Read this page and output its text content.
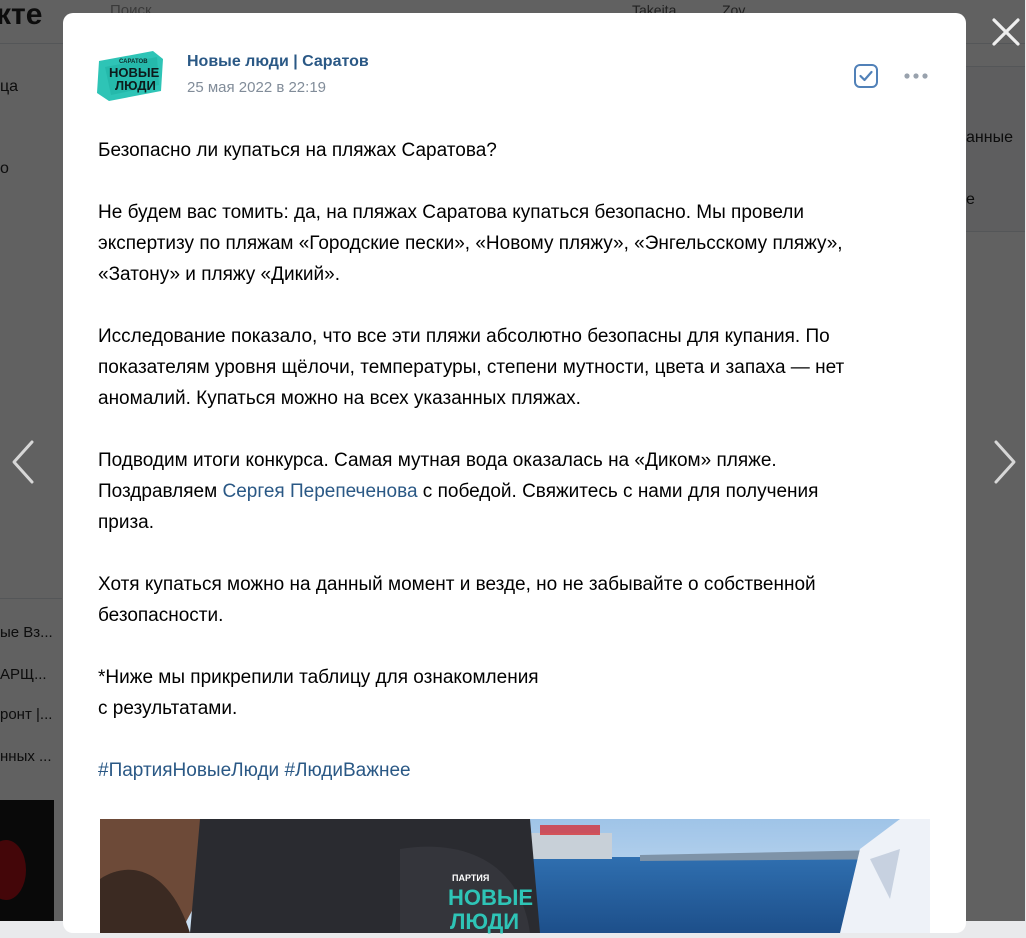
САРАТОВ
НОВЫЕ
ЛЮДИ
Новые люди | Саратов
25 мая 2022 в 22:19

Безопасно ли купаться на пляжах Саратова?

Не будем вас томить: да, на пляжах Саратова купаться безопасно. Мы провели

экспертизу по пляжам «Городские пески», «Новому пляжу», «Энгельсскому пляжу»,

«Затону» и пляжу «Дикий».

Исследование показало, что все эти пляжи абсолютно безопасны для купания. По

показателям уровня щёлочи, температуры, степени мутности, цвета и запаха — нет

аномалий. Купаться можно на всех указанных пляжах.

Подводим итоги конкурса. Самая мутная вода оказалась на «Диком» пляже.

Поздравляем Сергея Перепеченова с победой. Свяжитесь с нами для получения

приза.

Хотя купаться можно на данный момент и везде, но не забывайте о собственной

безопасности.

*Ниже мы прикрепили таблицу для ознакомления

с результатами.

#ПартияНовыеЛюди #ЛюдиВажнее

ПАРТИЯ
НОВЫЕ
ЛЮДИ
